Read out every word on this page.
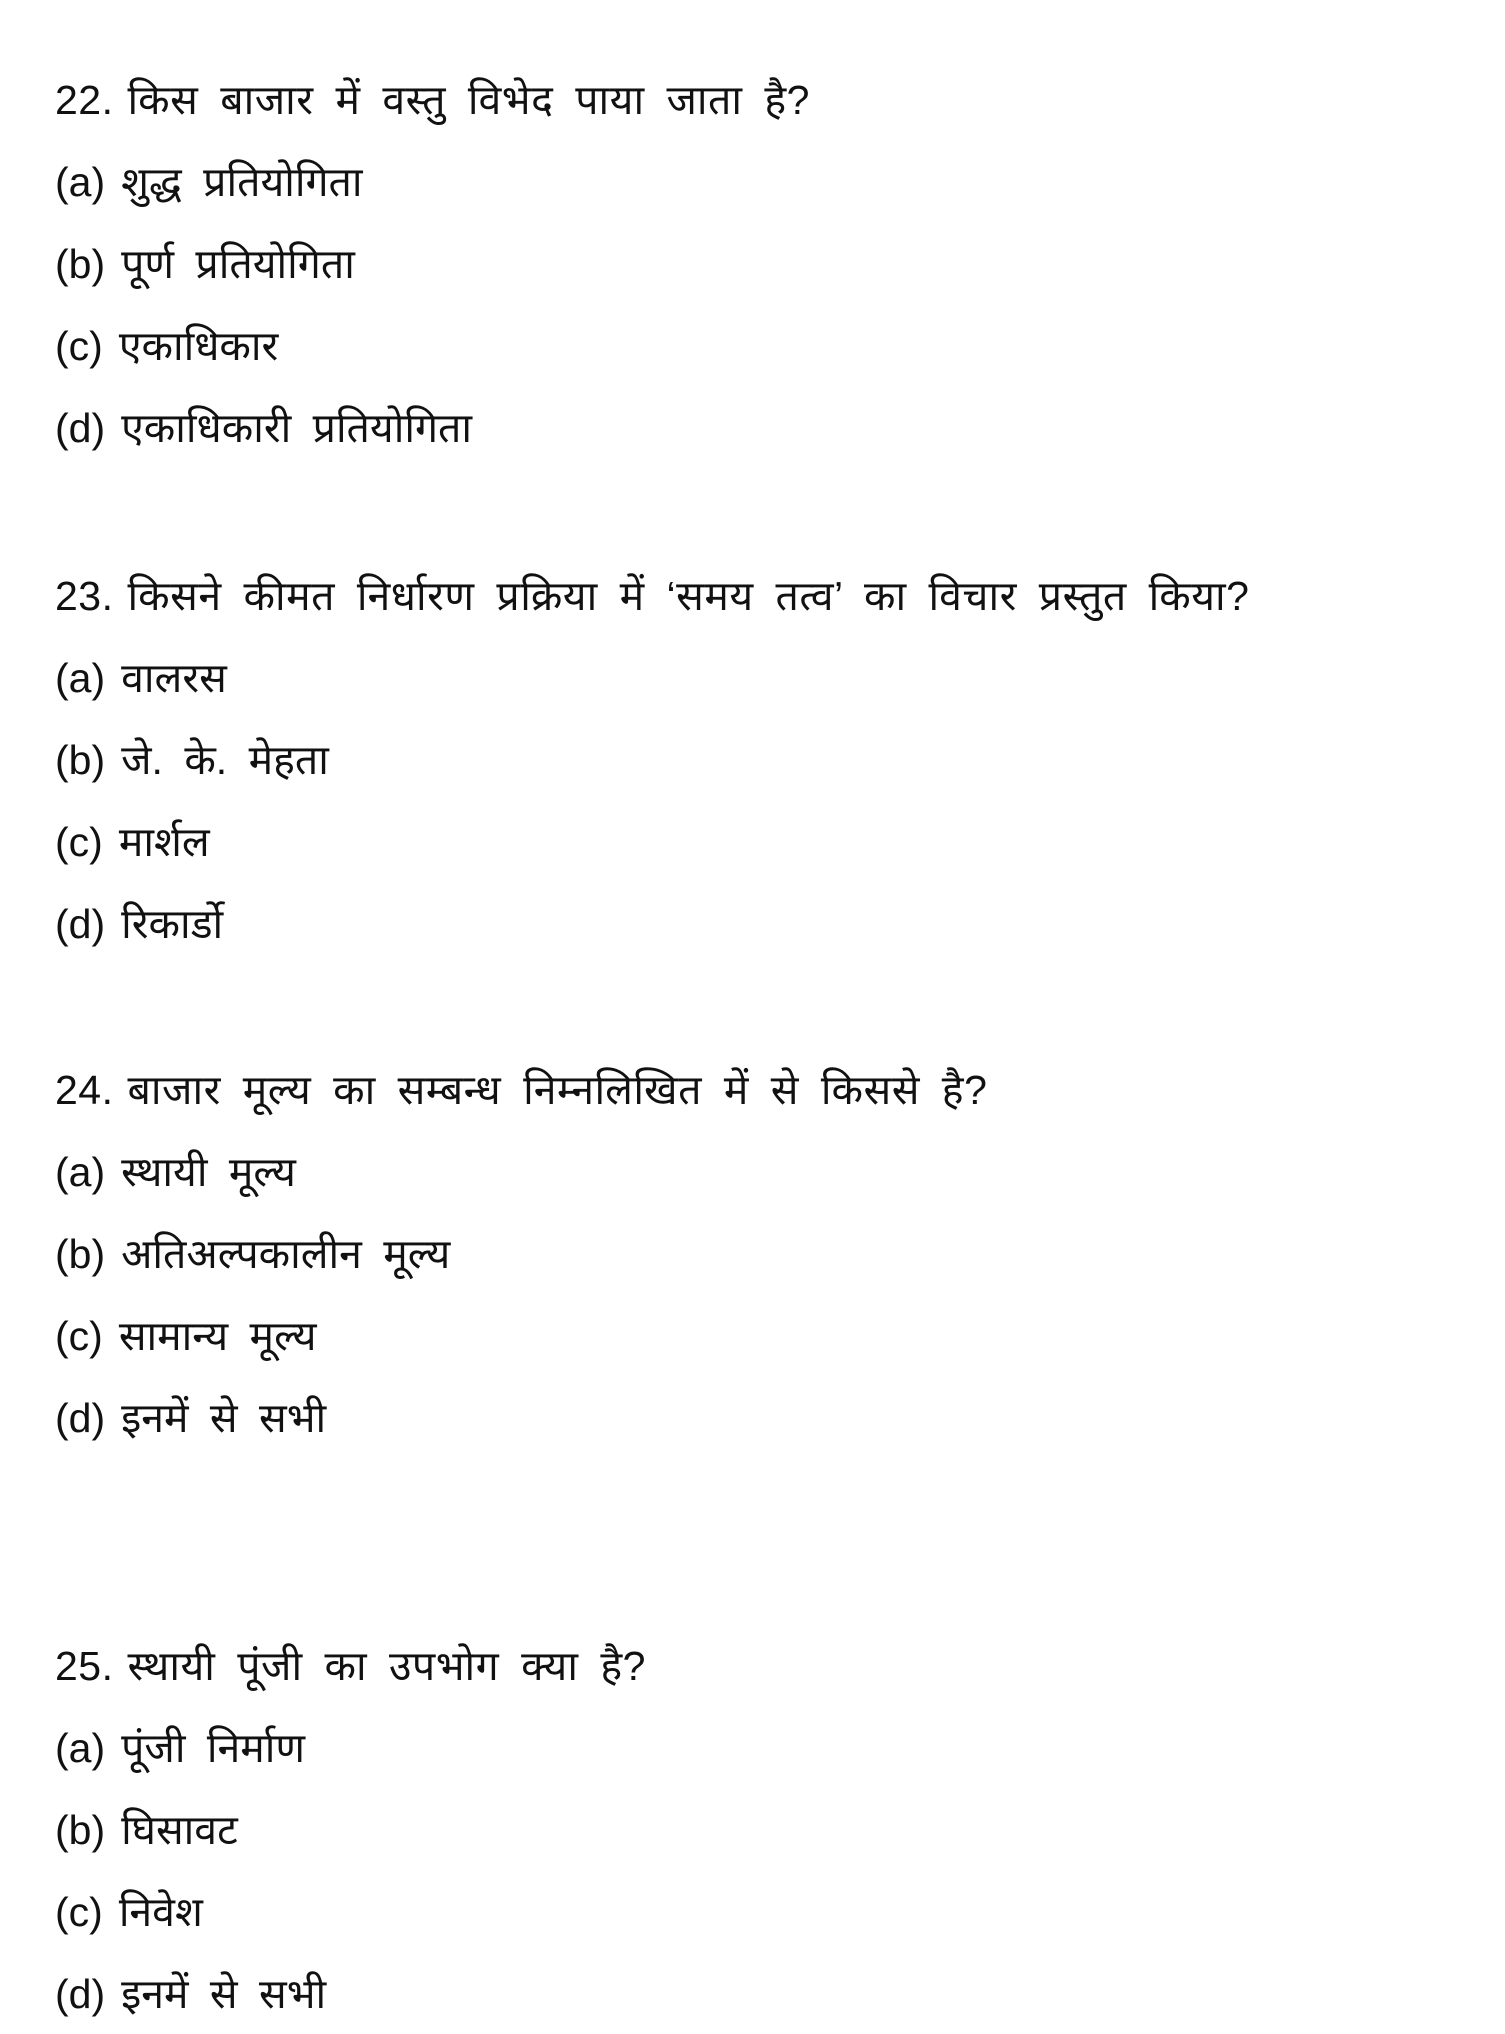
22. किस बाजार में वस्तु विभेद पाया जाता है?
(a) शुद्ध प्रतियोगिता
(b) पूर्ण प्रतियोगिता
(c) एकाधिकार
(d) एकाधिकारी प्रतियोगिता
23. किसने कीमत निर्धारण प्रक्रिया में ‘समय तत्व’ का विचार प्रस्तुत किया?
(a) वालरस
(b) जे. के. मेहता
(c) मार्शल
(d) रिकार्डो
24. बाजार मूल्य का सम्बन्ध निम्नलिखित में से किससे है?
(a) स्थायी मूल्य
(b) अतिअल्पकालीन मूल्य
(c) सामान्य मूल्य
(d) इनमें से सभी
25. स्थायी पूंजी का उपभोग क्या है?
(a) पूंजी निर्माण
(b) घिसावट
(c) निवेश
(d) इनमें से सभी
